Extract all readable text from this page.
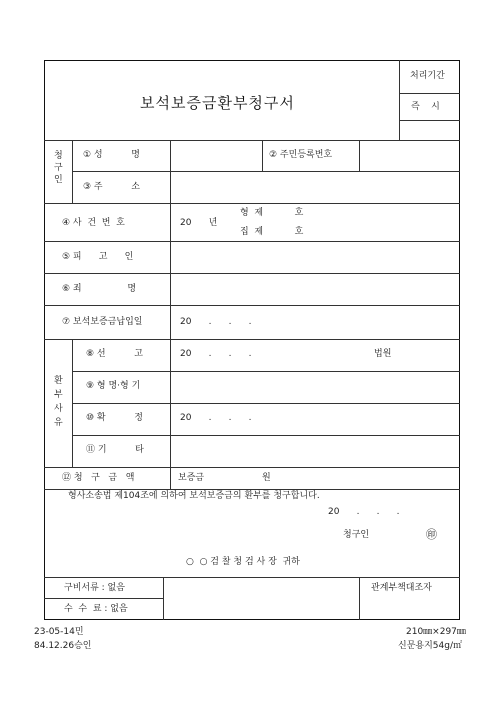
보석보증금환부청구서
처리기간
즉    시
청
구
인
① 성          명	② 주민등록번호
③ 주          소
④ 사  건  번  호	20      년
형  제           호
집  제           호
⑤ 피      고      인
⑥ 죄                명
⑦ 보석보증금납입일	20      .      .      .
환
부
사
유
⑧ 선          고	20      .      .      .	법원
⑨ 형 명·형 기
⑩ 확          정	20      .      .      .
⑪ 기          타
⑫ 청   구   금   액	보증금	원
형사소송법 제104조에 의하여 보석보증금의 환부를 청구합니다.
20      .      .      .
청구인	㊞
○  ○ 검 찰 청 검 사 장  귀하
구비서류 : 없음
수  수  료 : 없음
관계부책대조자
23-05-14민
84.12.26승인
210㎜×297㎜
신문용지54g/㎡
